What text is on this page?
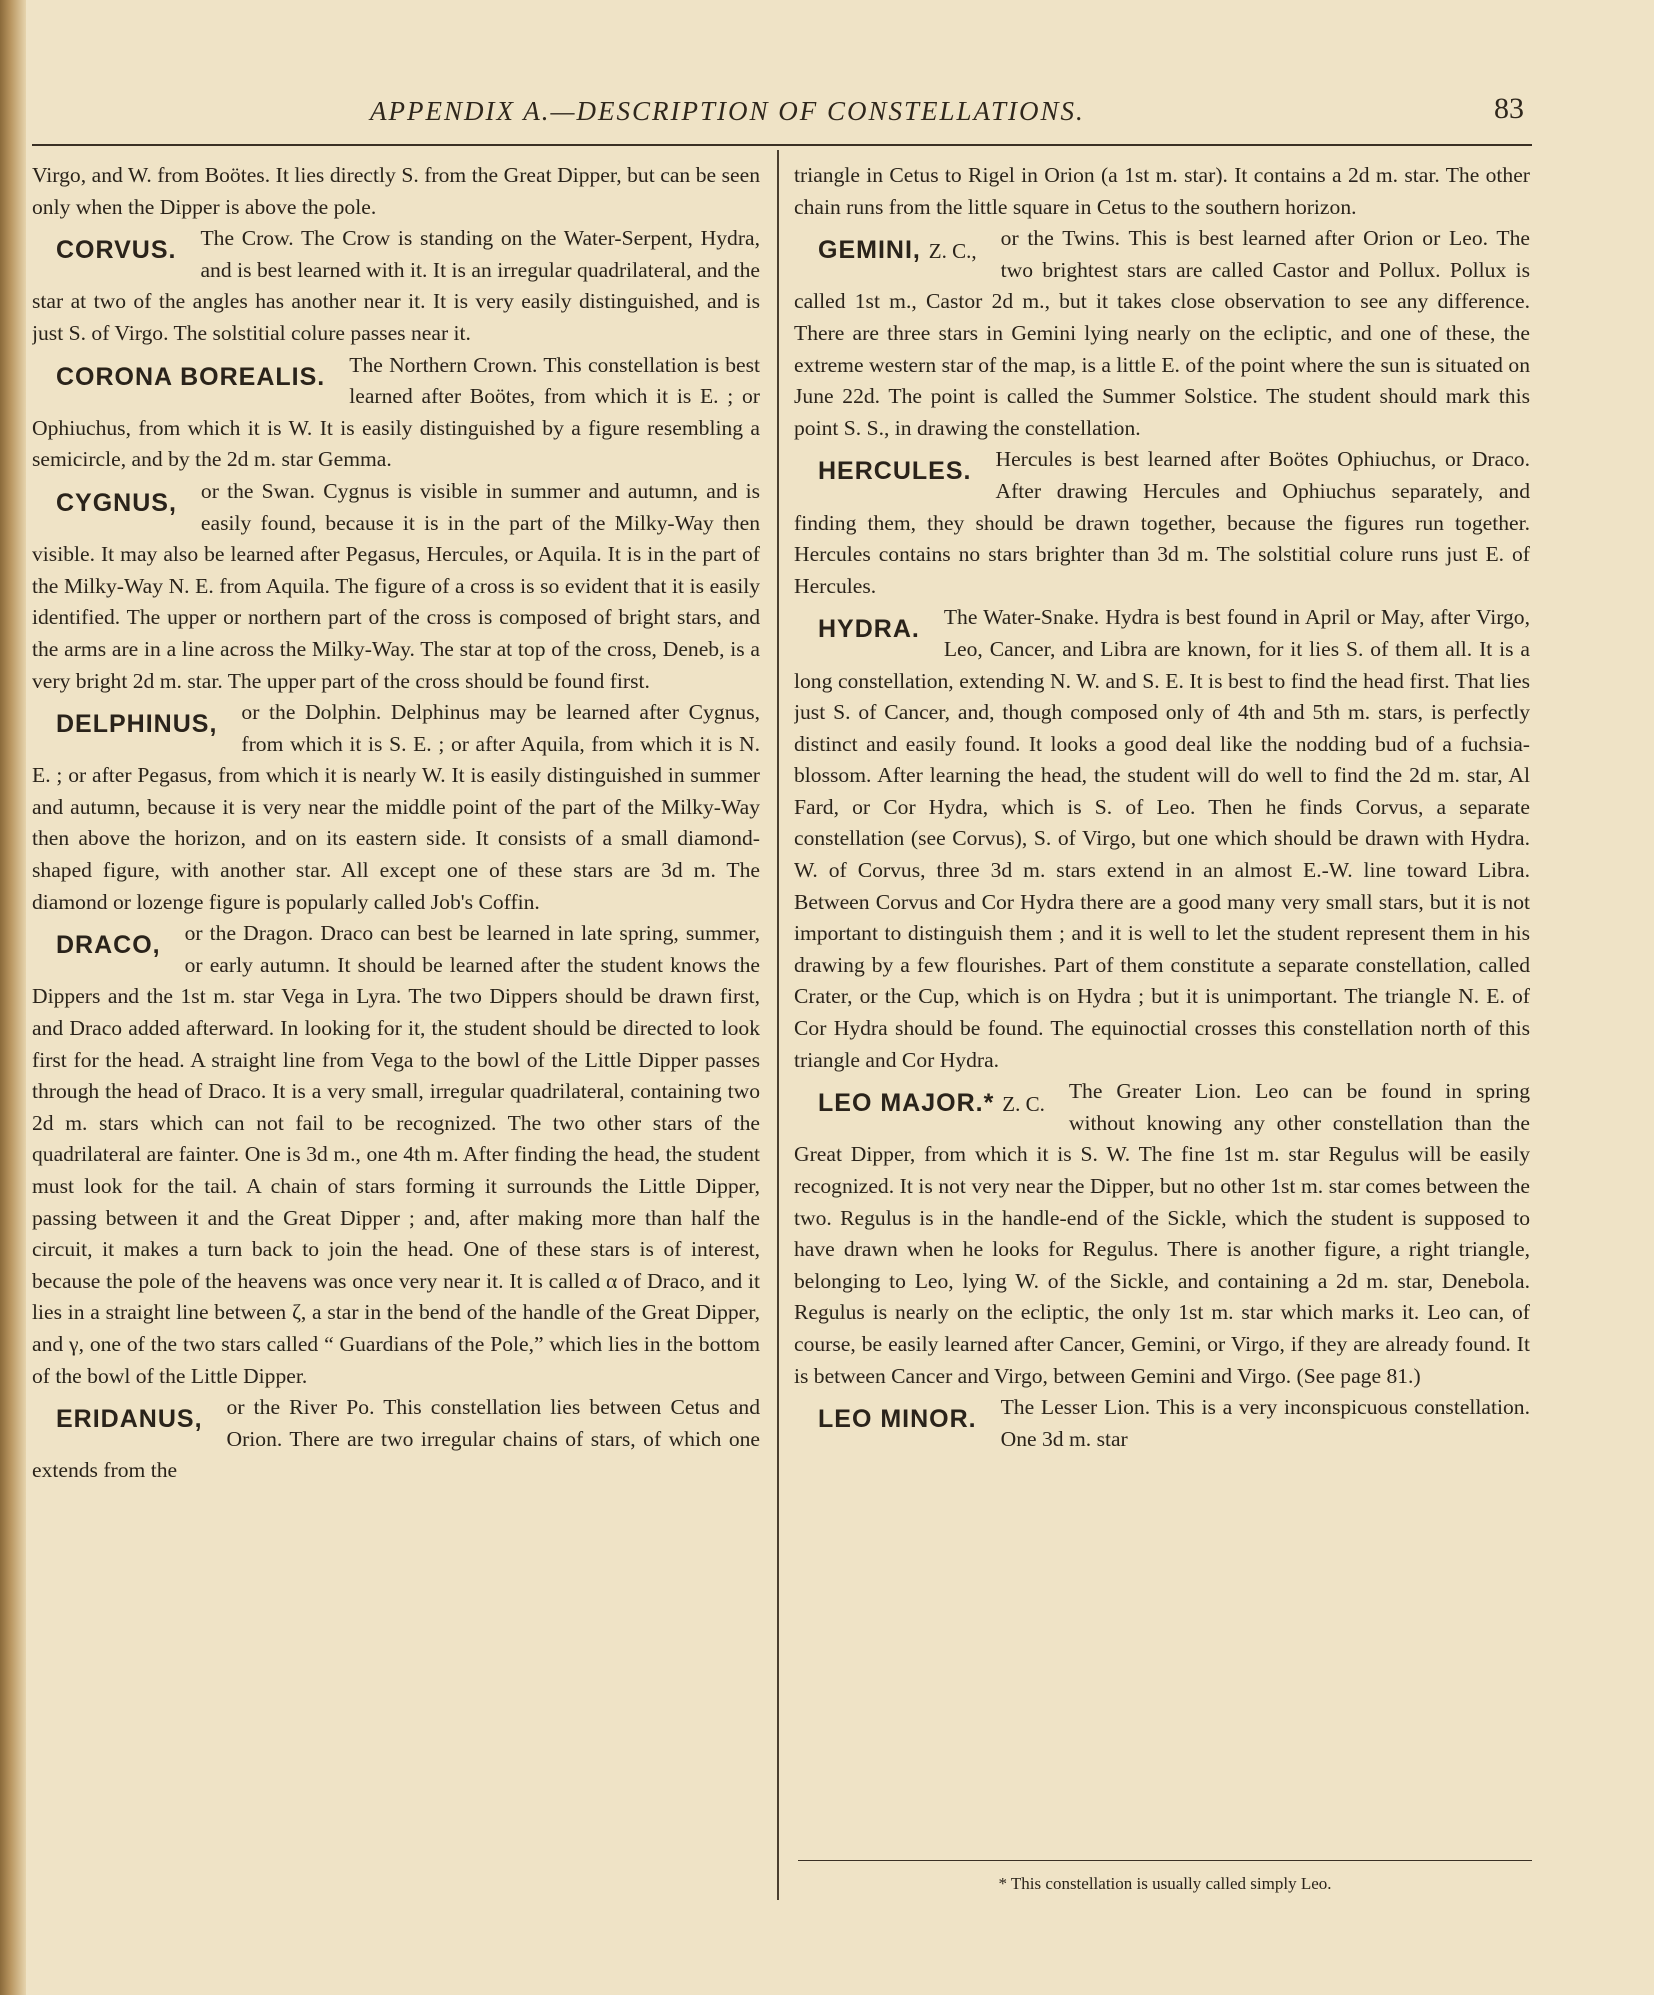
APPENDIX A.—DESCRIPTION OF CONSTELLATIONS.	83

Virgo, and W. from Boötes. It lies directly S. from the Great Dipper, but can be seen only when the Dipper is above the pole.

CORVUS.	The Crow. The Crow is standing on the Water-Serpent, Hydra, and is best learned with it. It is an irregular quadrilateral, and the star at two of the angles has another near it. It is very easily distinguished, and is just S. of Virgo. The solstitial colure passes near it.
CORONA BOREALIS.	The Northern Crown. This constellation is best learned after Boötes, from which it is E. ; or Ophiuchus, from which it is W. It is easily distinguished by a figure resembling a semicircle, and by the 2d m. star Gemma.
CYGNUS,	or the Swan. Cygnus is visible in summer and autumn, and is easily found, because it is in the part of the Milky-Way then visible. It may also be learned after Pegasus, Hercules, or Aquila. It is in the part of the Milky-Way N. E. from Aquila. The figure of a cross is so evident that it is easily identified. The upper or northern part of the cross is composed of bright stars, and the arms are in a line across the Milky-Way. The star at top of the cross, Deneb, is a very bright 2d m. star. The upper part of the cross should be found first.
DELPHINUS,	or the Dolphin. Delphinus may be learned after Cygnus, from which it is S. E. ; or after Aquila, from which it is N. E. ; or after Pegasus, from which it is nearly W. It is easily distinguished in summer and autumn, because it is very near the middle point of the part of the Milky-Way then above the horizon, and on its eastern side. It consists of a small diamond-shaped figure, with another star. All except one of these stars are 3d m. The diamond or lozenge figure is popularly called Job's Coffin.
DRACO,	or the Dragon. Draco can best be learned in late spring, summer, or early autumn. It should be learned after the student knows the Dippers and the 1st m. star Vega in Lyra. The two Dippers should be drawn first, and Draco added afterward. In looking for it, the student should be directed to look first for the head. A straight line from Vega to the bowl of the Little Dipper passes through the head of Draco. It is a very small, irregular quadrilateral, containing two 2d m. stars which can not fail to be recognized. The two other stars of the quadrilateral are fainter. One is 3d m., one 4th m. After finding the head, the student must look for the tail. A chain of stars forming it surrounds the Little Dipper, passing between it and the Great Dipper ; and, after making more than half the circuit, it makes a turn back to join the head. One of these stars is of interest, because the pole of the heavens was once very near it. It is called α of Draco, and it lies in a straight line between ζ, a star in the bend of the handle of the Great Dipper, and γ, one of the two stars called “ Guardians of the Pole,” which lies in the bottom of the bowl of the Little Dipper.
ERIDANUS,	or the River Po. This constellation lies between Cetus and Orion. There are two irregular chains of stars, of which one extends from the

triangle in Cetus to Rigel in Orion (a 1st m. star). It contains a 2d m. star. The other chain runs from the little square in Cetus to the southern horizon.

GEMINI, Z. C.,
or the Twins. This is best learned after Orion or Leo. The two brightest stars are called Castor and Pollux. Pollux is called 1st m., Castor 2d m., but it takes close observation to see any difference. There are three stars in Gemini lying nearly on the ecliptic, and one of these, the extreme western star of the map, is a little E. of the point where the sun is situated on June 22d. The point is called the Summer Solstice. The student should mark this point S. S., in drawing the constellation.
HERCULES.	Hercules is best learned after Boötes Ophiuchus, or Draco. After drawing Hercules and Ophiuchus separately, and finding them, they should be drawn together, because the figures run together. Hercules contains no stars brighter than 3d m. The solstitial colure runs just E. of Hercules.
HYDRA.	The Water-Snake. Hydra is best found in April or May, after Virgo, Leo, Cancer, and Libra are known, for it lies S. of them all. It is a long constellation, extending N. W. and S. E. It is best to find the head first. That lies just S. of Cancer, and, though composed only of 4th and 5th m. stars, is perfectly distinct and easily found. It looks a good deal like the nodding bud of a fuchsia-blossom. After learning the head, the student will do well to find the 2d m. star, Al Fard, or Cor Hydra, which is S. of Leo. Then he finds Corvus, a separate constellation (see Corvus), S. of Virgo, but one which should be drawn with Hydra. W. of Corvus, three 3d m. stars extend in an almost E.-W. line toward Libra. Between Corvus and Cor Hydra there are a good many very small stars, but it is not important to distinguish them ; and it is well to let the student represent them in his drawing by a few flourishes. Part of them constitute a separate constellation, called Crater, or the Cup, which is on Hydra ; but it is unimportant. The triangle N. E. of Cor Hydra should be found. The equinoctial crosses this constellation north of this triangle and Cor Hydra.
LEO MAJOR.* Z. C.
The Greater Lion. Leo can be found in spring without knowing any other constellation than the Great Dipper, from which it is S. W. The fine 1st m. star Regulus will be easily recognized. It is not very near the Dipper, but no other 1st m. star comes between the two. Regulus is in the handle-end of the Sickle, which the student is supposed to have drawn when he looks for Regulus. There is another figure, a right triangle, belonging to Leo, lying W. of the Sickle, and containing a 2d m. star, Denebola. Regulus is nearly on the ecliptic, the only 1st m. star which marks it. Leo can, of course, be easily learned after Cancer, Gemini, or Virgo, if they are already found. It is between Cancer and Virgo, between Gemini and Virgo. (See page 81.)
LEO MINOR.	The Lesser Lion. This is a very inconspicuous constellation. One 3d m. star
* This constellation is usually called simply Leo.
